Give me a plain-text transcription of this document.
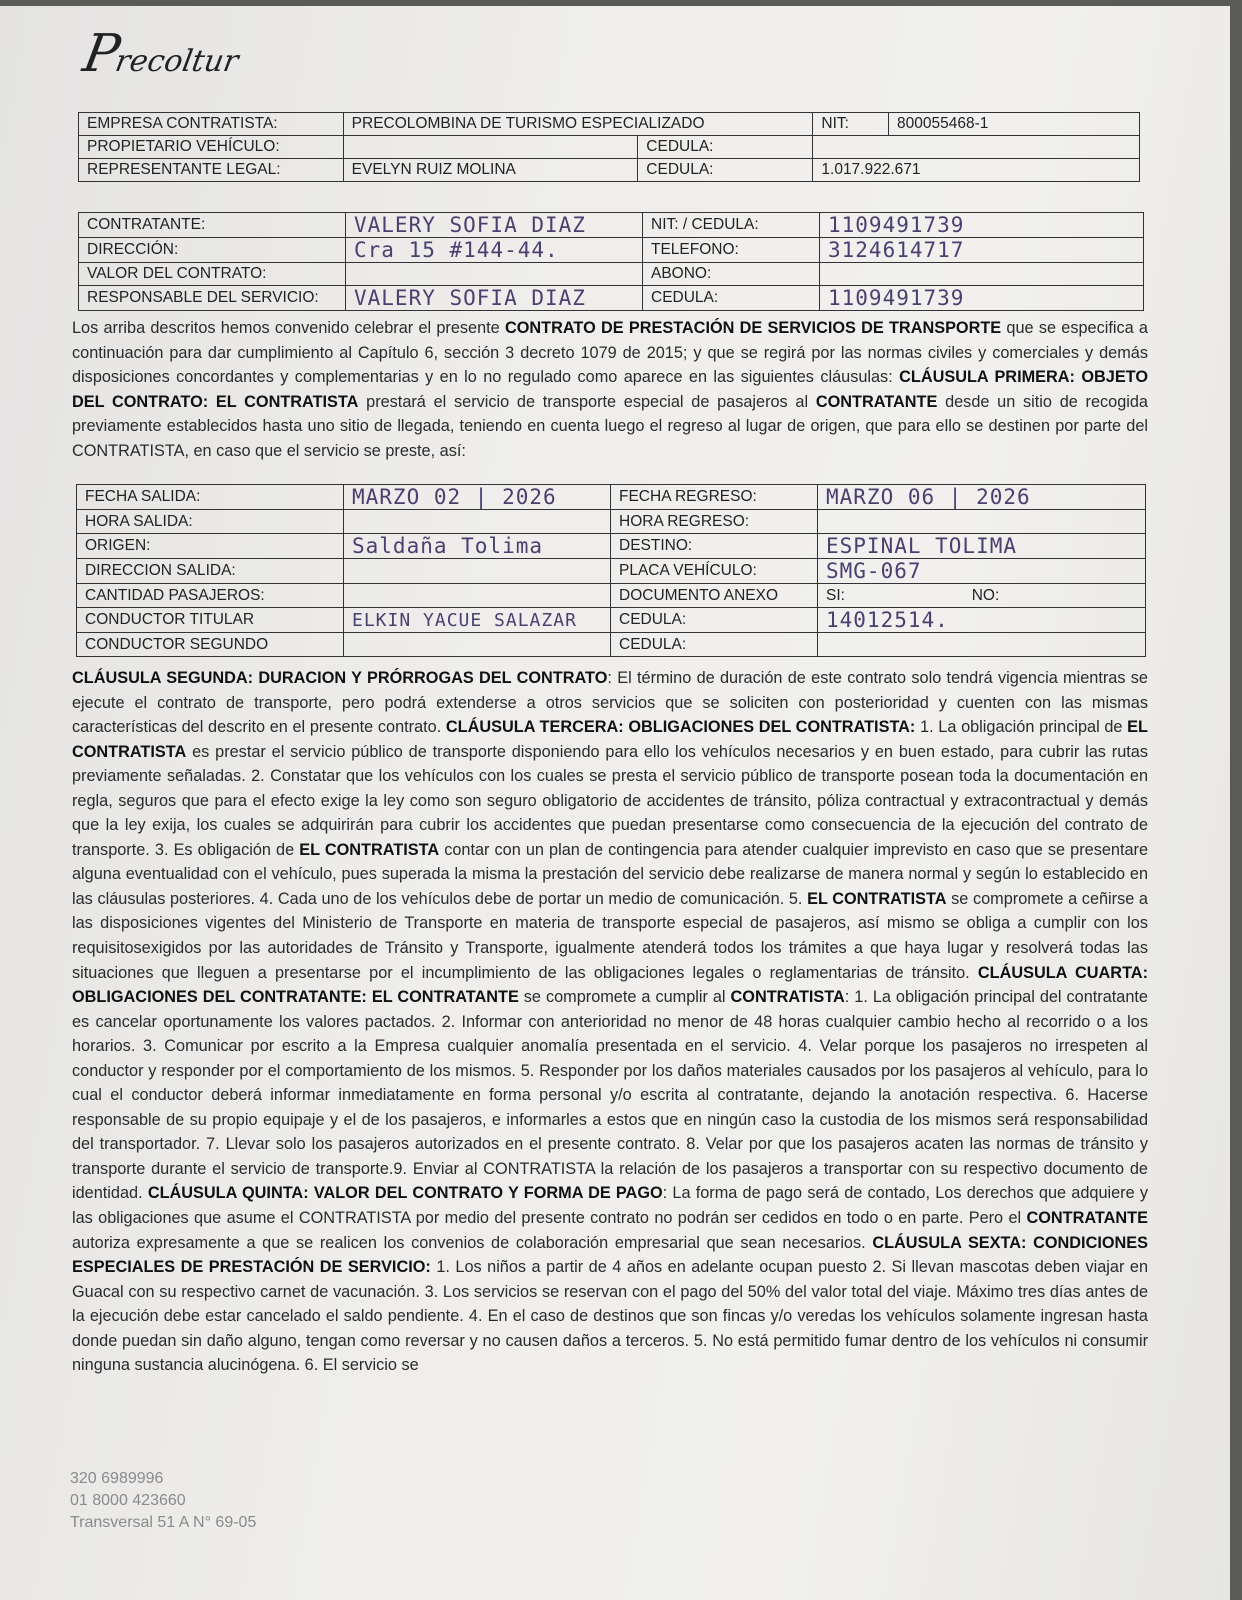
Precoltur
EMPRESA CONTRATISTA:	PRECOLOMBINA DE TURISMO ESPECIALIZADO		NIT:	800055468-1
PROPIETARIO VEHÍCULO:		CEDULA:		
REPRESENTANTE LEGAL:	EVELYN RUIZ MOLINA	CEDULA:	1.017.922.671	
CONTRATANTE:	VALERY SOFIA DIAZ	NIT: / CEDULA:	1109491739
DIRECCIÓN:	Cra 15 #144-44.	TELEFONO:	3124614717
VALOR DEL CONTRATO:		ABONO:	
RESPONSABLE DEL SERVICIO:	VALERY SOFIA DIAZ	CEDULA:	1109491739
Los arriba descritos hemos convenido celebrar el presente CONTRATO DE PRESTACIÓN DE SERVICIOS DE TRANSPORTE que se especifica a continuación para dar cumplimiento al Capítulo 6, sección 3 decreto 1079 de 2015; y que se regirá por las normas civiles y comerciales y demás disposiciones concordantes y complementarias y en lo no regulado como aparece en las siguientes cláusulas: CLÁUSULA PRIMERA: OBJETO DEL CONTRATO: EL CONTRATISTA prestará el servicio de transporte especial de pasajeros al CONTRATANTE desde un sitio de recogida previamente establecidos hasta uno sitio de llegada, teniendo en cuenta luego el regreso al lugar de origen, que para ello se destinen por parte del CONTRATISTA, en caso que el servicio se preste, así:
FECHA SALIDA:	MARZO 02 | 2026	FECHA REGRESO:	MARZO 06 | 2026	
HORA SALIDA:		HORA REGRESO:		
ORIGEN:	Saldaña Tolima	DESTINO:	ESPINAL TOLIMA	
DIRECCION SALIDA:		PLACA VEHÍCULO:	SMG-067	
CANTIDAD PASAJEROS:		DOCUMENTO ANEXO	SI:	NO:
CONDUCTOR TITULAR	ELKIN YACUE SALAZAR	CEDULA:	14012514.	
CONDUCTOR SEGUNDO		CEDULA:		
CLÁUSULA SEGUNDA: DURACION Y PRÓRROGAS DEL CONTRATO: El término de duración de este contrato solo tendrá vigencia mientras se ejecute el contrato de transporte, pero podrá extenderse a otros servicios que se soliciten con posterioridad y cuenten con las mismas características del descrito en el presente contrato. CLÁUSULA TERCERA: OBLIGACIONES DEL CONTRATISTA: 1. La obligación principal de EL CONTRATISTA es prestar el servicio público de transporte disponiendo para ello los vehículos necesarios y en buen estado, para cubrir las rutas previamente señaladas. 2. Constatar que los vehículos con los cuales se presta el servicio público de transporte posean toda la documentación en regla, seguros que para el efecto exige la ley como son seguro obligatorio de accidentes de tránsito, póliza contractual y extracontractual y demás que la ley exija, los cuales se adquirirán para cubrir los accidentes que puedan presentarse como consecuencia de la ejecución del contrato de transporte. 3. Es obligación de EL CONTRATISTA contar con un plan de contingencia para atender cualquier imprevisto en caso que se presentare alguna eventualidad con el vehículo, pues superada la misma la prestación del servicio debe realizarse de manera normal y según lo establecido en las cláusulas posteriores. 4. Cada uno de los vehículos debe de portar un medio de comunicación. 5. EL CONTRATISTA se compromete a ceñirse a las disposiciones vigentes del Ministerio de Transporte en materia de transporte especial de pasajeros, así mismo se obliga a cumplir con los requisitosexigidos por las autoridades de Tránsito y Transporte, igualmente atenderá todos los trámites a que haya lugar y resolverá todas las situaciones que lleguen a presentarse por el incumplimiento de las obligaciones legales o reglamentarias de tránsito. CLÁUSULA CUARTA: OBLIGACIONES DEL CONTRATANTE: EL CONTRATANTE se compromete a cumplir al CONTRATISTA: 1. La obligación principal del contratante es cancelar oportunamente los valores pactados. 2. Informar con anterioridad no menor de 48 horas cualquier cambio hecho al recorrido o a los horarios. 3. Comunicar por escrito a la Empresa cualquier anomalía presentada en el servicio. 4. Velar porque los pasajeros no irrespeten al conductor y responder por el comportamiento de los mismos. 5. Responder por los daños materiales causados por los pasajeros al vehículo, para lo cual el conductor deberá informar inmediatamente en forma personal y/o escrita al contratante, dejando la anotación respectiva. 6. Hacerse responsable de su propio equipaje y el de los pasajeros, e informarles a estos que en ningún caso la custodia de los mismos será responsabilidad del transportador. 7. Llevar solo los pasajeros autorizados en el presente contrato. 8. Velar por que los pasajeros acaten las normas de tránsito y transporte durante el servicio de transporte.9. Enviar al CONTRATISTA la relación de los pasajeros a transportar con su respectivo documento de identidad. CLÁUSULA QUINTA: VALOR DEL CONTRATO Y FORMA DE PAGO: La forma de pago será de contado, Los derechos que adquiere y las obligaciones que asume el CONTRATISTA por medio del presente contrato no podrán ser cedidos en todo o en parte. Pero el CONTRATANTE autoriza expresamente a que se realicen los convenios de colaboración empresarial que sean necesarios. CLÁUSULA SEXTA: CONDICIONES ESPECIALES DE PRESTACIÓN DE SERVICIO: 1. Los niños a partir de 4 años en adelante ocupan puesto 2. Si llevan mascotas deben viajar en Guacal con su respectivo carnet de vacunación. 3. Los servicios se reservan con el pago del 50% del valor total del viaje. Máximo tres días antes de la ejecución debe estar cancelado el saldo pendiente. 4. En el caso de destinos que son fincas y/o veredas los vehículos solamente ingresan hasta donde puedan sin daño alguno, tengan como reversar y no causen daños a terceros. 5. No está permitido fumar dentro de los vehículos ni consumir ninguna sustancia alucinógena. 6. El servicio se
320 6989996
01 8000 423660
Transversal 51 A N° 69-05
